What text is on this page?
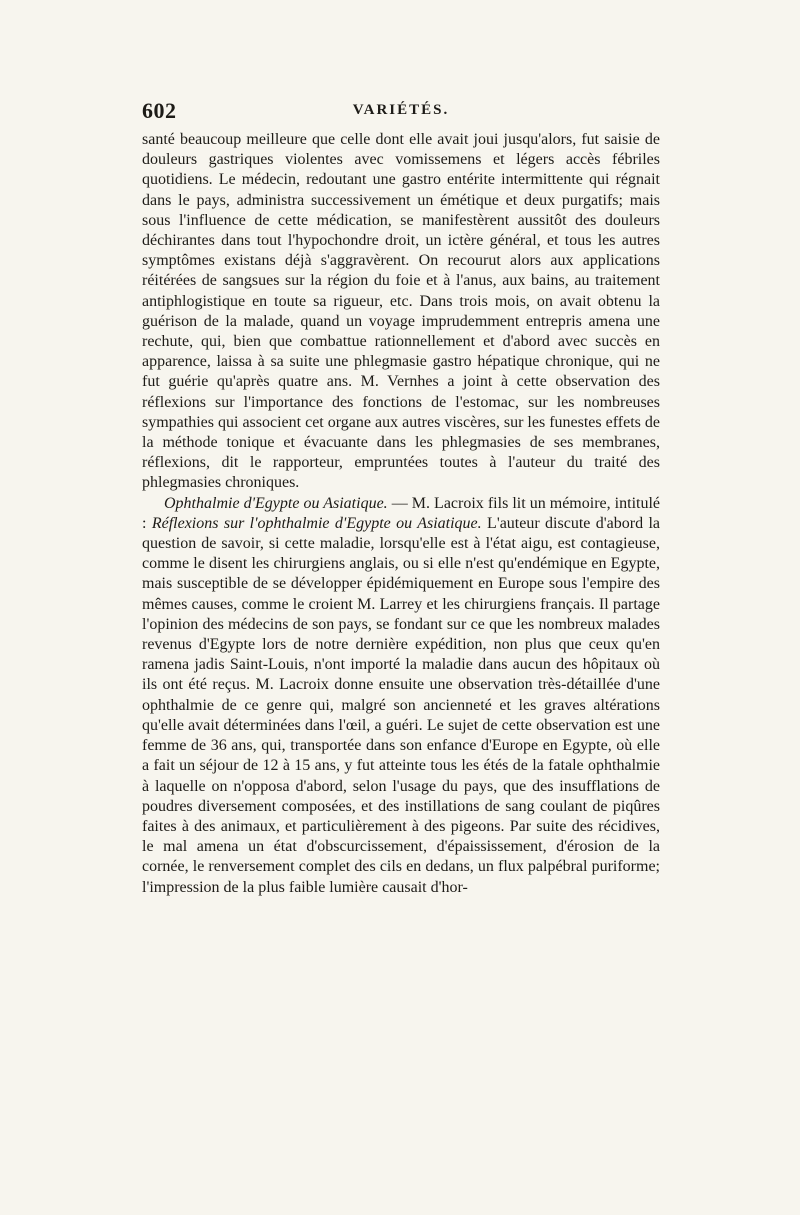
602	VARIÉTÉS.

santé beaucoup meilleure que celle dont elle avait joui jusqu'alors, fut saisie de douleurs gastriques violentes avec vomissemens et légers accès fébriles quotidiens. Le médecin, redoutant une gastro entérite intermittente qui régnait dans le pays, administra successivement un émétique et deux purgatifs; mais sous l'influence de cette médication, se manifestèrent aussitôt des douleurs déchirantes dans tout l'hypochondre droit, un ictère général, et tous les autres symptômes existans déjà s'aggravèrent. On recourut alors aux applications réitérées de sangsues sur la région du foie et à l'anus, aux bains, au traitement antiphlogistique en toute sa rigueur, etc. Dans trois mois, on avait obtenu la guérison de la malade, quand un voyage imprudemment entrepris amena une rechute, qui, bien que combattue rationnellement et d'abord avec succès en apparence, laissa à sa suite une phlegmasie gastro hépatique chronique, qui ne fut guérie qu'après quatre ans. M. Vernhes a joint à cette observation des réflexions sur l'importance des fonctions de l'estomac, sur les nombreuses sympathies qui associent cet organe aux autres viscères, sur les funestes effets de la méthode tonique et évacuante dans les phlegmasies de ses membranes, réflexions, dit le rapporteur, empruntées toutes à l'auteur du traité des phlegmasies chroniques.

Ophthalmie d'Egypte ou Asiatique. — M. Lacroix fils lit un mémoire, intitulé : Réflexions sur l'ophthalmie d'Egypte ou Asiatique. L'auteur discute d'abord la question de savoir, si cette maladie, lorsqu'elle est à l'état aigu, est contagieuse, comme le disent les chirurgiens anglais, ou si elle n'est qu'endémique en Egypte, mais susceptible de se développer épidémiquement en Europe sous l'empire des mêmes causes, comme le croient M. Larrey et les chirurgiens français. Il partage l'opinion des médecins de son pays, se fondant sur ce que les nombreux malades revenus d'Egypte lors de notre dernière expédition, non plus que ceux qu'en ramena jadis Saint-Louis, n'ont importé la maladie dans aucun des hôpitaux où ils ont été reçus. M. Lacroix donne ensuite une observation très-détaillée d'une ophthalmie de ce genre qui, malgré son ancienneté et les graves altérations qu'elle avait déterminées dans l'œil, a guéri. Le sujet de cette observation est une femme de 36 ans, qui, transportée dans son enfance d'Europe en Egypte, où elle a fait un séjour de 12 à 15 ans, y fut atteinte tous les étés de la fatale ophthalmie à laquelle on n'opposa d'abord, selon l'usage du pays, que des insufflations de poudres diversement composées, et des instillations de sang coulant de piqûres faites à des animaux, et particulièrement à des pigeons. Par suite des récidives, le mal amena un état d'obscurcissement, d'épaississement, d'érosion de la cornée, le renversement complet des cils en dedans, un flux palpébral puriforme; l'impression de la plus faible lumière causait d'hor-
